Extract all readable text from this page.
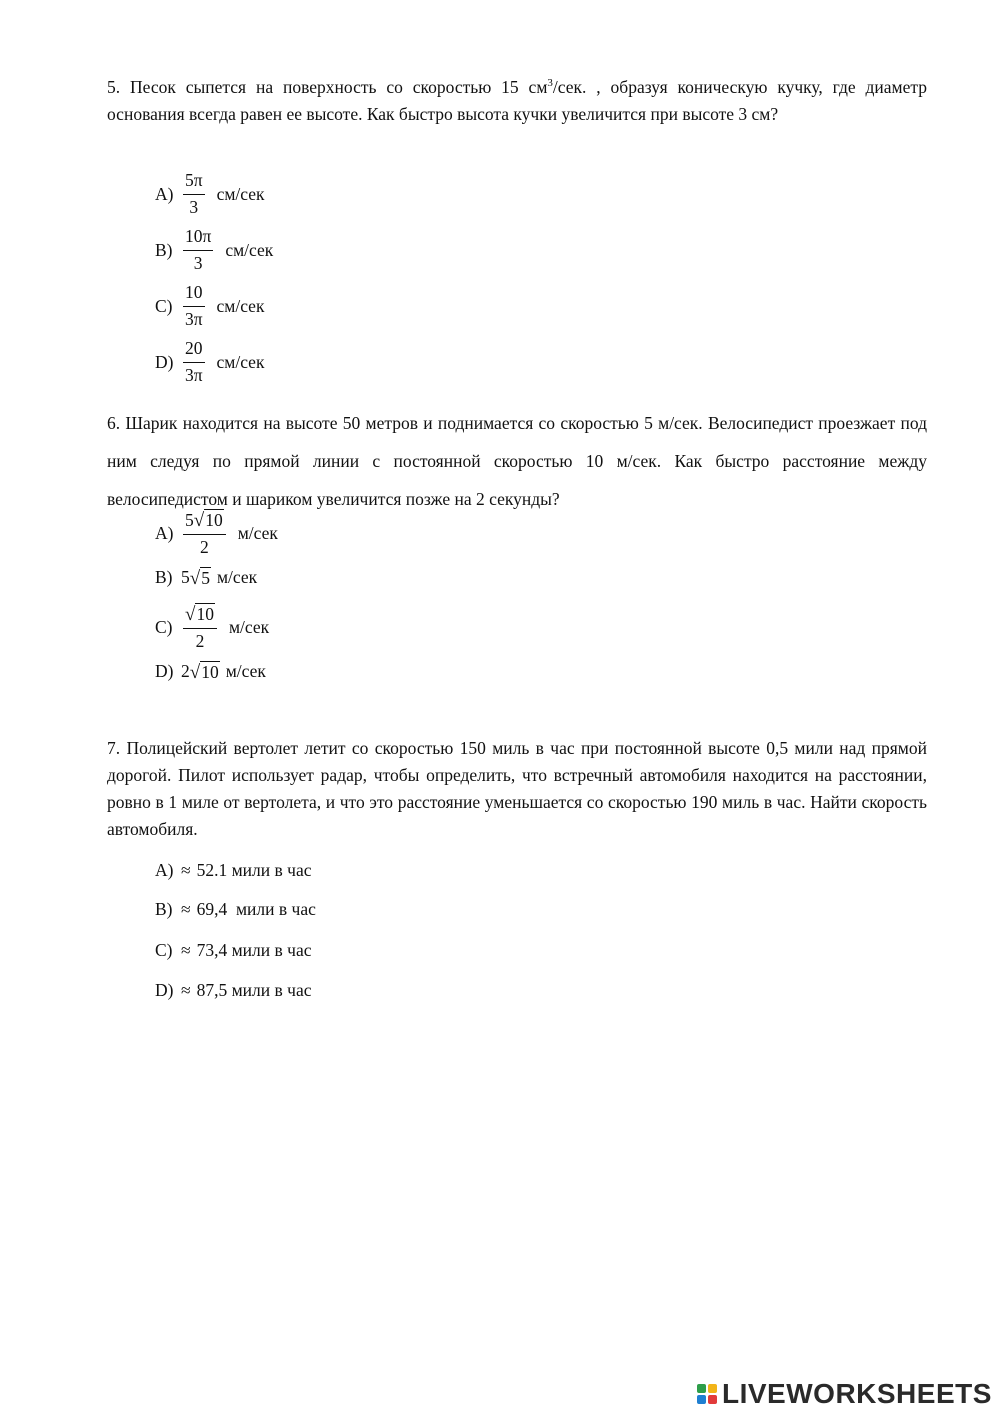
5. Песок сыпется на поверхность со скоростью 15 $см^3$/сек. , образуя коническую кучку, где диаметр основания всегда равен ее высоте. Как быстро высота кучки увеличится при высоте 3 см?

$A) \frac{5\pi}{3} см/сек$
$B) \frac{10\pi}{3} см/сек$
$C) \frac{10}{3\pi} см/сек$
$D) \frac{20}{3\pi} см/сек$

6. Шарик находится на высоте 50 метров и поднимается со скоростью 5 м/сек. Велосипедист проезжает под ним следуя по прямой линии с постоянной скоростью 10 м/сек. Как быстро расстояние между велосипедистом и шариком увеличится позже на 2 секунды?

$A) \frac{5 √ 10}{2} м/сек$
B) 5 √ 5 м/сек
$C) \frac{√ 10}{2} м/сек$
D) 2 √ 10 м/сек

7. Полицейский вертолет летит со скоростью 150 миль в час при постоянной высоте 0,5 мили над прямой дорогой. Пилот использует радар, чтобы определить, что встречный автомобиля находится на расстоянии, ровно в 1 миле от вертолета, и что это расстояние уменьшается со скоростью 190 миль в час. Найти скорость автомобиля.

A) ≈ 52.1 мили в час
B) ≈ 69,4  мили в час
C) ≈ 73,4 мили в час
D) ≈ 87,5 мили в час
LIVEWORKSHEETS
